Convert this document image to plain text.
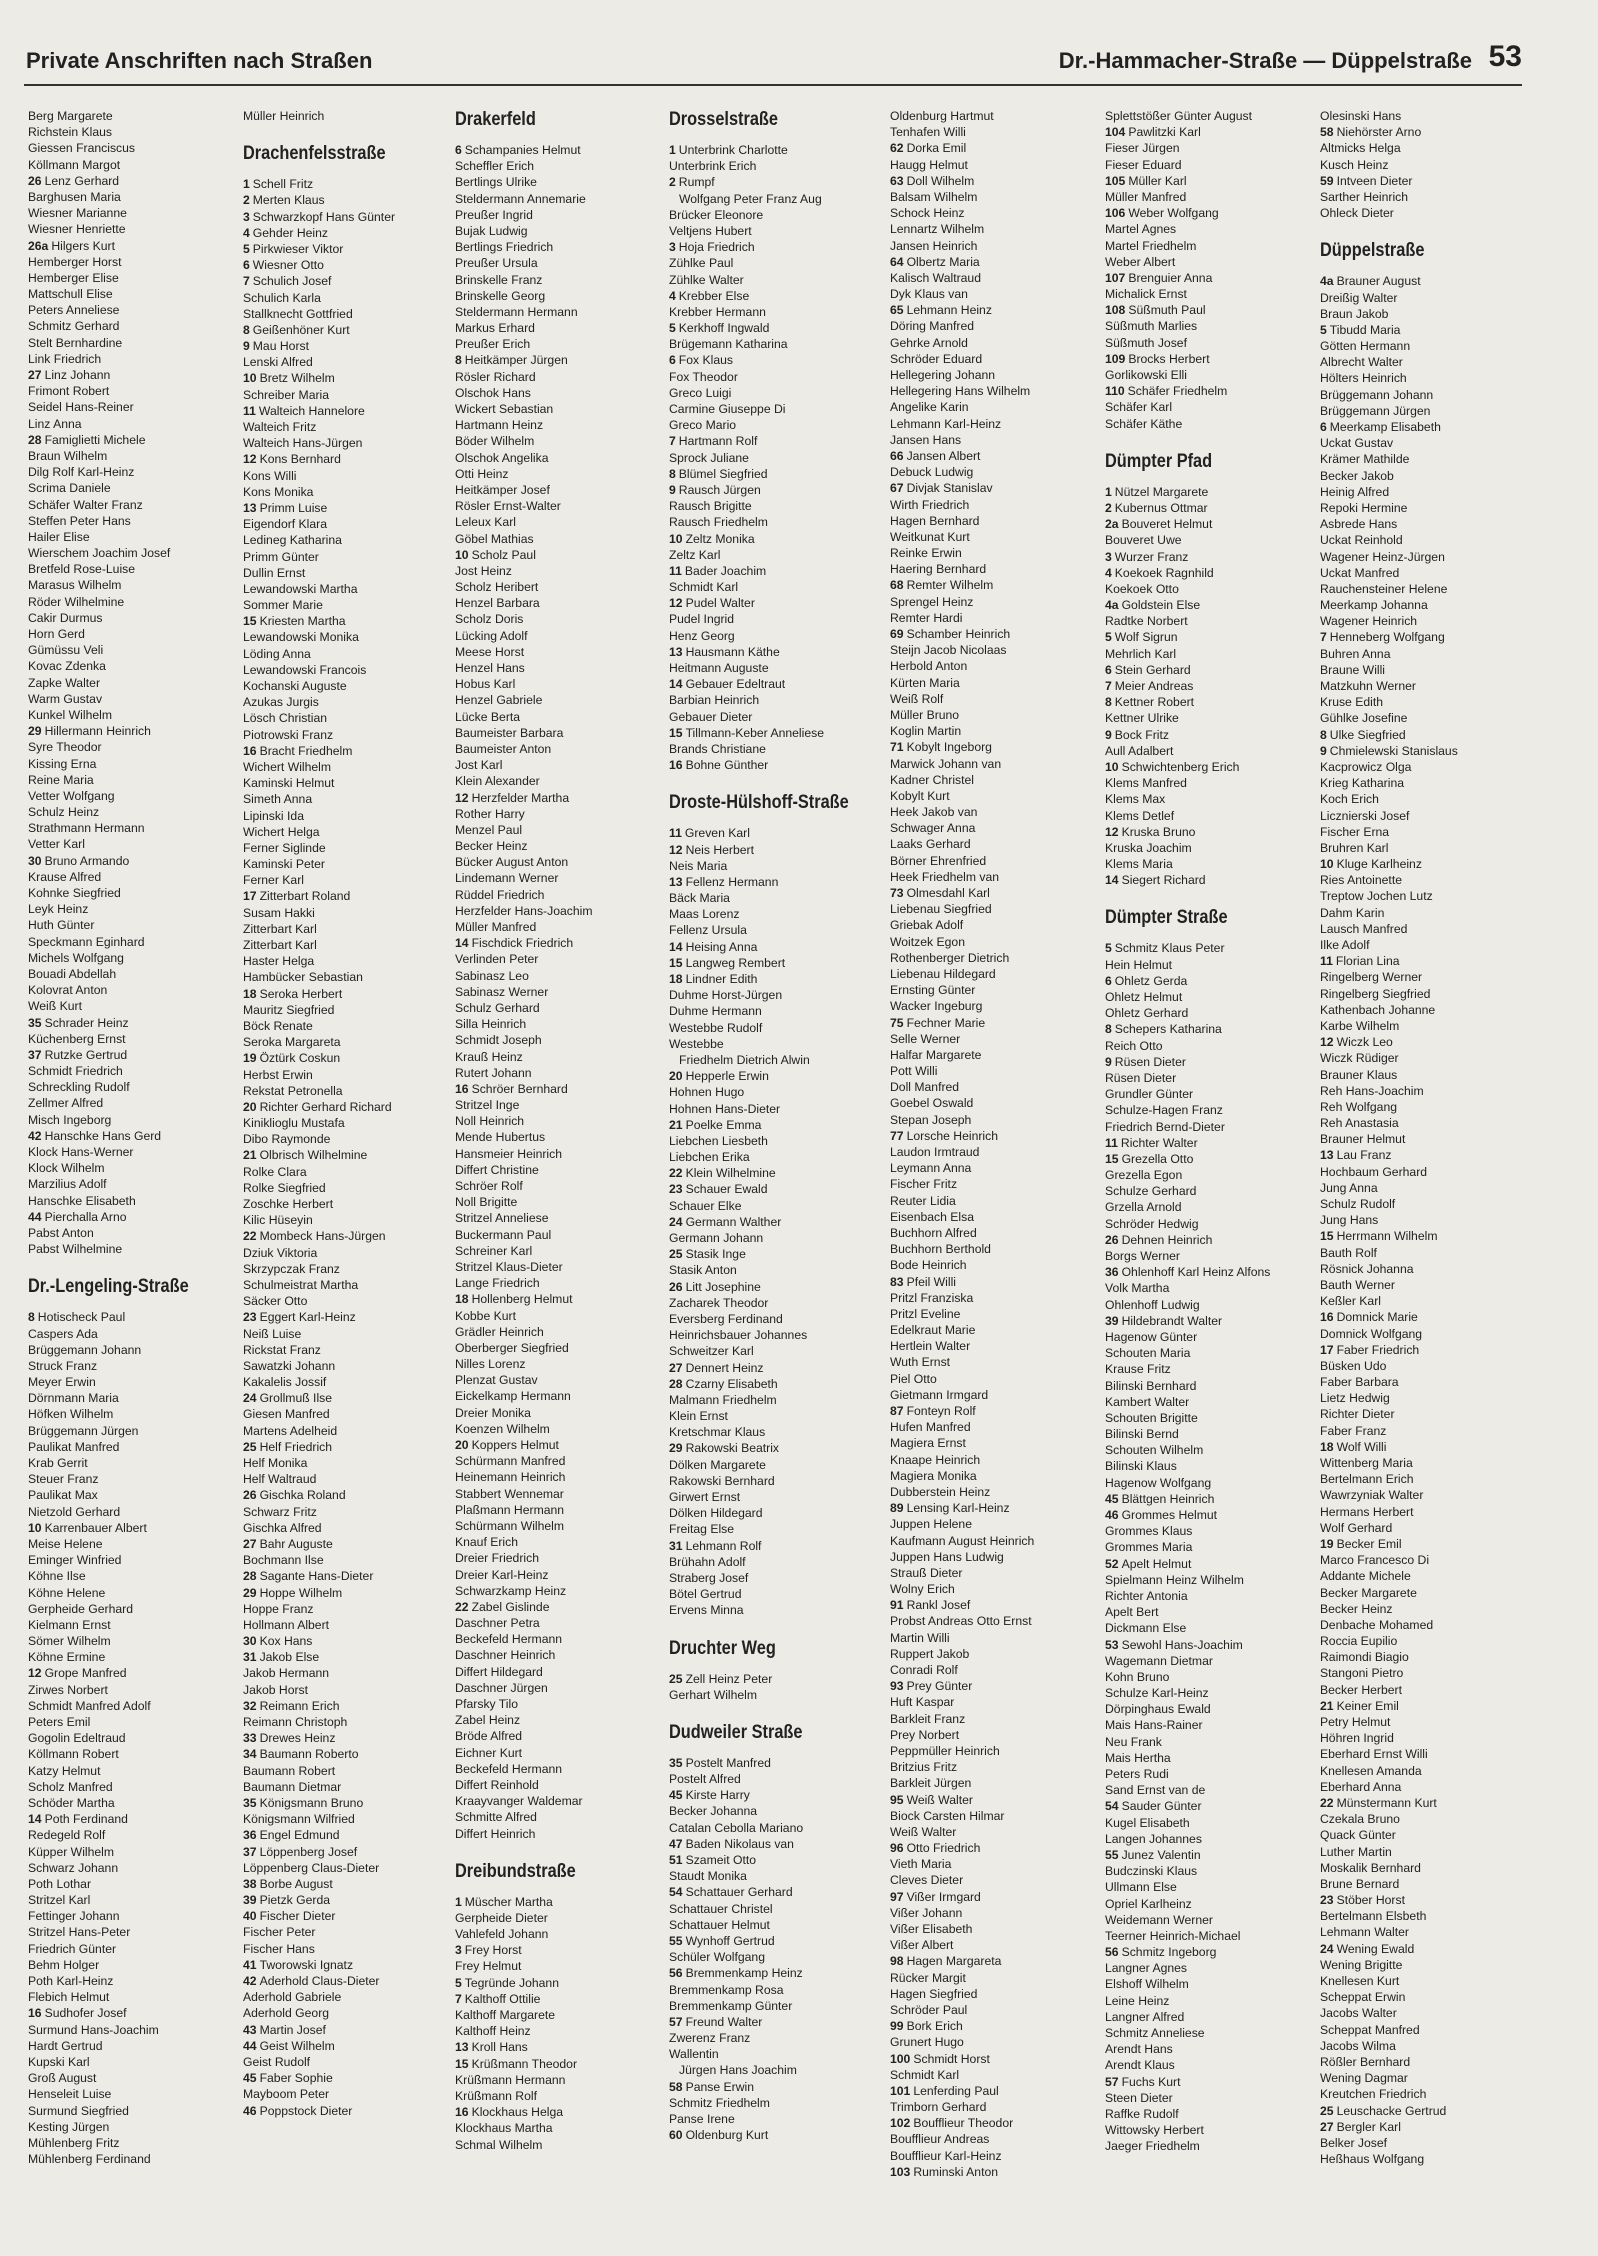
Private Anschriften nach Straßen	Dr.-Hammacher-Straße — Düppelstraße 53
Berg Margarete
Richstein Klaus
Giessen Franciscus
Köllmann Margot
26 Lenz Gerhard
Barghusen Maria
Wiesner Marianne
Wiesner Henriette
26a Hilgers Kurt
Hemberger Horst
Hemberger Elise
Mattschull Elise
Peters Anneliese
Schmitz Gerhard
Stelt Bernhardine
Link Friedrich
27 Linz Johann
Frimont Robert
Seidel Hans-Reiner
Linz Anna
28 Famiglietti Michele
Braun Wilhelm
Dilg Rolf Karl-Heinz
Scrima Daniele
Schäfer Walter Franz
Steffen Peter Hans
Hailer Elise
Wierschem Joachim Josef
Bretfeld Rose-Luise
Marasus Wilhelm
Röder Wilhelmine
Cakir Durmus
Horn Gerd
Gümüssu Veli
Kovac Zdenka
Zapke Walter
Warm Gustav
Kunkel Wilhelm
29 Hillermann Heinrich
Syre Theodor
Kissing Erna
Reine Maria
Vetter Wolfgang
Schulz Heinz
Strathmann Hermann
Vetter Karl
30 Bruno Armando
Krause Alfred
Kohnke Siegfried
Leyk Heinz
Huth Günter
Speckmann Eginhard
Michels Wolfgang
Bouadi Abdellah
Kolovrat Anton
Weiß Kurt
35 Schrader Heinz
Küchenberg Ernst
37 Rutzke Gertrud
Schmidt Friedrich
Schreckling Rudolf
Zellmer Alfred
Misch Ingeborg
42 Hanschke Hans Gerd
Klock Hans-Werner
Klock Wilhelm
Marzilius Adolf
Hanschke Elisabeth
44 Pierchalla Arno
Pabst Anton
Pabst Wilhelmine
Dr.-Lengeling-Straße
8 Hotischeck Paul
Caspers Ada
Brüggemann Johann
Struck Franz
Meyer Erwin
Dörnmann Maria
Höfken Wilhelm
Brüggemann Jürgen
Paulikat Manfred
Krab Gerrit
Steuer Franz
Paulikat Max
Nietzold Gerhard
10 Karrenbauer Albert
Meise Helene
Eminger Winfried
Köhne Ilse
Köhne Helene
Gerpheide Gerhard
Kielmann Ernst
Sömer Wilhelm
Köhne Ermine
12 Grope Manfred
Zirwes Norbert
Schmidt Manfred Adolf
Peters Emil
Gogolin Edeltraud
Köllmann Robert
Katzy Helmut
Scholz Manfred
Schöder Martha
14 Poth Ferdinand
Redegeld Rolf
Küpper Wilhelm
Schwarz Johann
Poth Lothar
Stritzel Karl
Fettinger Johann
Stritzel Hans-Peter
Friedrich Günter
Behm Holger
Poth Karl-Heinz
Flebich Helmut
16 Sudhofer Josef
Surmund Hans-Joachim
Hardt Gertrud
Kupski Karl
Groß August
Henseleit Luise
Surmund Siegfried
Kesting Jürgen
Mühlenberg Fritz
Mühlenberg Ferdinand
Müller Heinrich
Drachenfelsstraße
1 Schell Fritz
2 Merten Klaus
3 Schwarzkopf Hans Günter
4 Gehder Heinz
5 Pirkwieser Viktor
6 Wiesner Otto
7 Schulich Josef
Schulich Karla
Stallknecht Gottfried
8 Geißenhöner Kurt
9 Mau Horst
Lenski Alfred
10 Bretz Wilhelm
Schreiber Maria
11 Walteich Hannelore
Walteich Fritz
Walteich Hans-Jürgen
12 Kons Bernhard
Kons Willi
Kons Monika
13 Primm Luise
Eigendorf Klara
Ledineg Katharina
Primm Günter
Dullin Ernst
Lewandowski Martha
Sommer Marie
15 Kriesten Martha
Lewandowski Monika
Löding Anna
Lewandowski Francois
Kochanski Auguste
Azukas Jurgis
Lösch Christian
Piotrowski Franz
16 Bracht Friedhelm
Wichert Wilhelm
Kaminski Helmut
Simeth Anna
Lipinski Ida
Wichert Helga
Ferner Siglinde
Kaminski Peter
Ferner Karl
17 Zitterbart Roland
Susam Hakki
Zitterbart Karl
Zitterbart Karl
Haster Helga
Hambücker Sebastian
18 Seroka Herbert
Mauritz Siegfried
Böck Renate
Seroka Margareta
19 Öztürk Coskun
Herbst Erwin
Rekstat Petronella
20 Richter Gerhard Richard
Kiniklioglu Mustafa
Dibo Raymonde
21 Olbrisch Wilhelmine
Rolke Clara
Rolke Siegfried
Zoschke Herbert
Kilic Hüseyin
22 Mombeck Hans-Jürgen
Dziuk Viktoria
Skrzypczak Franz
Schulmeistrat Martha
Säcker Otto
23 Eggert Karl-Heinz
Neiß Luise
Rickstat Franz
Sawatzki Johann
Kakalelis Jossif
24 Grollmuß Ilse
Giesen Manfred
Martens Adelheid
25 Helf Friedrich
Helf Monika
Helf Waltraud
26 Gischka Roland
Schwarz Fritz
Gischka Alfred
27 Bahr Auguste
Bochmann Ilse
28 Sagante Hans-Dieter
29 Hoppe Wilhelm
Hoppe Franz
Hollmann Albert
30 Kox Hans
31 Jakob Else
Jakob Hermann
Jakob Horst
32 Reimann Erich
Reimann Christoph
33 Drewes Heinz
34 Baumann Roberto
Baumann Robert
Baumann Dietmar
35 Königsmann Bruno
Königsmann Wilfried
36 Engel Edmund
37 Löppenberg Josef
Löppenberg Claus-Dieter
38 Borbe August
39 Pietzk Gerda
40 Fischer Dieter
Fischer Peter
Fischer Hans
41 Tworowski Ignatz
42 Aderhold Claus-Dieter
Aderhold Gabriele
Aderhold Georg
43 Martin Josef
44 Geist Wilhelm
Geist Rudolf
45 Faber Sophie
Mayboom Peter
46 Poppstock Dieter
Drakerfeld
6 Schampanies Helmut
Scheffler Erich
Bertlings Ulrike
Steldermann Annemarie
Preußer Ingrid
Bujak Ludwig
Bertlings Friedrich
Preußer Ursula
Brinskelle Franz
Brinskelle Georg
Steldermann Hermann
Markus Erhard
Preußer Erich
8 Heitkämper Jürgen
Rösler Richard
Olschok Hans
Wickert Sebastian
Hartmann Heinz
Böder Wilhelm
Olschok Angelika
Otti Heinz
Heitkämper Josef
Rösler Ernst-Walter
Leleux Karl
Göbel Mathias
10 Scholz Paul
Jost Heinz
Scholz Heribert
Henzel Barbara
Scholz Doris
Lücking Adolf
Meese Horst
Henzel Hans
Hobus Karl
Henzel Gabriele
Lücke Berta
Baumeister Barbara
Baumeister Anton
Jost Karl
Klein Alexander
12 Herzfelder Martha
Rother Harry
Menzel Paul
Becker Heinz
Bücker August Anton
Lindemann Werner
Rüddel Friedrich
Herzfelder Hans-Joachim
Müller Manfred
14 Fischdick Friedrich
Verlinden Peter
Sabinasz Leo
Sabinasz Werner
Schulz Gerhard
Silla Heinrich
Schmidt Joseph
Krauß Heinz
Rutert Johann
16 Schröer Bernhard
Stritzel Inge
Noll Heinrich
Mende Hubertus
Hansmeier Heinrich
Differt Christine
Schröer Rolf
Noll Brigitte
Stritzel Anneliese
Buckermann Paul
Schreiner Karl
Stritzel Klaus-Dieter
Lange Friedrich
18 Hollenberg Helmut
Kobbe Kurt
Grädler Heinrich
Oberberger Siegfried
Nilles Lorenz
Plenzat Gustav
Eickelkamp Hermann
Dreier Monika
Koenzen Wilhelm
20 Koppers Helmut
Schürmann Manfred
Heinemann Heinrich
Stabbert Wennemar
Plaßmann Hermann
Schürmann Wilhelm
Knauf Erich
Dreier Friedrich
Dreier Karl-Heinz
Schwarzkamp Heinz
22 Zabel Gislinde
Daschner Petra
Beckefeld Hermann
Daschner Heinrich
Differt Hildegard
Daschner Jürgen
Pfarsky Tilo
Zabel Heinz
Bröde Alfred
Eichner Kurt
Beckefeld Hermann
Differt Reinhold
Kraayvanger Waldemar
Schmitte Alfred
Differt Heinrich
Dreibundstraße
1 Müscher Martha
Gerpheide Dieter
Vahlefeld Johann
3 Frey Horst
Frey Helmut
5 Tegründe Johann
7 Kalthoff Ottilie
Kalthoff Margarete
Kalthoff Heinz
13 Kroll Hans
15 Krüßmann Theodor
Krüßmann Hermann
Krüßmann Rolf
16 Klockhaus Helga
Klockhaus Martha
Schmal Wilhelm
Drosselstraße
1 Unterbrink Charlotte
Unterbrink Erich
2 Rumpf
Wolfgang Peter Franz Aug
Brücker Eleonore
Veltjens Hubert
3 Hoja Friedrich
Zühlke Paul
Zühlke Walter
4 Krebber Else
Krebber Hermann
5 Kerkhoff Ingwald
Brügemann Katharina
6 Fox Klaus
Fox Theodor
Greco Luigi
Carmine Giuseppe Di
Greco Mario
7 Hartmann Rolf
Sprock Juliane
8 Blümel Siegfried
9 Rausch Jürgen
Rausch Brigitte
Rausch Friedhelm
10 Zeltz Monika
Zeltz Karl
11 Bader Joachim
Schmidt Karl
12 Pudel Walter
Pudel Ingrid
Henz Georg
13 Hausmann Käthe
Heitmann Auguste
14 Gebauer Edeltraut
Barbian Heinrich
Gebauer Dieter
15 Tillmann-Keber Anneliese
Brands Christiane
16 Bohne Günther
Droste-Hülshoff-Straße
11 Greven Karl
12 Neis Herbert
Neis Maria
13 Fellenz Hermann
Bäck Maria
Maas Lorenz
Fellenz Ursula
14 Heising Anna
15 Langweg Rembert
18 Lindner Edith
Duhme Horst-Jürgen
Duhme Hermann
Westebbe Rudolf
Westebbe
Friedhelm Dietrich Alwin
20 Hepperle Erwin
Hohnen Hugo
Hohnen Hans-Dieter
21 Poelke Emma
Liebchen Liesbeth
Liebchen Erika
22 Klein Wilhelmine
23 Schauer Ewald
Schauer Elke
24 Germann Walther
Germann Johann
25 Stasik Inge
Stasik Anton
26 Litt Josephine
Zacharek Theodor
Eversberg Ferdinand
Heinrichsbauer Johannes
Schweitzer Karl
27 Dennert Heinz
28 Czarny Elisabeth
Malmann Friedhelm
Klein Ernst
Kretschmar Klaus
29 Rakowski Beatrix
Dölken Margarete
Rakowski Bernhard
Girwert Ernst
Dölken Hildegard
Freitag Else
31 Lehmann Rolf
Brühahn Adolf
Straberg Josef
Bötel Gertrud
Ervens Minna
Druchter Weg
25 Zell Heinz Peter
Gerhart Wilhelm
Dudweiler Straße
35 Postelt Manfred
Postelt Alfred
45 Kirste Harry
Becker Johanna
Catalan Cebolla Mariano
47 Baden Nikolaus van
51 Szameit Otto
Staudt Monika
54 Schattauer Gerhard
Schattauer Christel
Schattauer Helmut
55 Wynhoff Gertrud
Schüler Wolfgang
56 Bremmenkamp Heinz
Bremmenkamp Rosa
Bremmenkamp Günter
57 Freund Walter
Zwerenz Franz
Wallentin
Jürgen Hans Joachim
58 Panse Erwin
Schmitz Friedhelm
Panse Irene
60 Oldenburg Kurt
Oldenburg Hartmut
Tenhafen Willi
62 Dorka Emil
Haugg Helmut
63 Doll Wilhelm
Balsam Wilhelm
Schock Heinz
Lennartz Wilhelm
Jansen Heinrich
64 Olbertz Maria
Kalisch Waltraud
Dyk Klaus van
65 Lehmann Heinz
Döring Manfred
Gehrke Arnold
Schröder Eduard
Hellegering Johann
Hellegering Hans Wilhelm
Angelike Karin
Lehmann Karl-Heinz
Jansen Hans
66 Jansen Albert
Debuck Ludwig
67 Divjak Stanislav
Wirth Friedrich
Hagen Bernhard
Weitkunat Kurt
Reinke Erwin
Haering Bernhard
68 Remter Wilhelm
Sprengel Heinz
Remter Hardi
69 Schamber Heinrich
Steijn Jacob Nicolaas
Herbold Anton
Kürten Maria
Weiß Rolf
Müller Bruno
Koglin Martin
71 Kobylt Ingeborg
Marwick Johann van
Kadner Christel
Kobylt Kurt
Heek Jakob van
Schwager Anna
Laaks Gerhard
Börner Ehrenfried
Heek Friedhelm van
73 Olmesdahl Karl
Liebenau Siegfried
Griebak Adolf
Woitzek Egon
Rothenberger Dietrich
Liebenau Hildegard
Ernsting Günter
Wacker Ingeburg
75 Fechner Marie
Selle Werner
Halfar Margarete
Pott Willi
Doll Manfred
Goebel Oswald
Stepan Joseph
77 Lorsche Heinrich
Laudon Irmtraud
Leymann Anna
Fischer Fritz
Reuter Lidia
Eisenbach Elsa
Buchhorn Alfred
Buchhorn Berthold
Bode Heinrich
83 Pfeil Willi
Pritzl Franziska
Pritzl Eveline
Edelkraut Marie
Hertlein Walter
Wuth Ernst
Piel Otto
Gietmann Irmgard
87 Fonteyn Rolf
Hufen Manfred
Magiera Ernst
Knaape Heinrich
Magiera Monika
Dubberstein Heinz
89 Lensing Karl-Heinz
Juppen Helene
Kaufmann August Heinrich
Juppen Hans Ludwig
Strauß Dieter
Wolny Erich
91 Rankl Josef
Probst Andreas Otto Ernst
Martin Willi
Ruppert Jakob
Conradi Rolf
93 Prey Günter
Huft Kaspar
Barkleit Franz
Prey Norbert
Peppmüller Heinrich
Britzius Fritz
Barkleit Jürgen
95 Weiß Walter
Biock Carsten Hilmar
Weiß Walter
96 Otto Friedrich
Vieth Maria
Cleves Dieter
97 Vißer Irmgard
Vißer Johann
Vißer Elisabeth
Vißer Albert
98 Hagen Margareta
Rücker Margit
Hagen Siegfried
Schröder Paul
99 Bork Erich
Grunert Hugo
100 Schmidt Horst
Schmidt Karl
101 Lenferding Paul
Trimborn Gerhard
102 Boufflieur Theodor
Boufflieur Andreas
Boufflieur Karl-Heinz
103 Ruminski Anton
Splettstößer Günter August
104 Pawlitzki Karl
Fieser Jürgen
Fieser Eduard
105 Müller Karl
Müller Manfred
106 Weber Wolfgang
Martel Agnes
Martel Friedhelm
Weber Albert
107 Brenguier Anna
Michalick Ernst
108 Süßmuth Paul
Süßmuth Marlies
Süßmuth Josef
109 Brocks Herbert
Gorlikowski Elli
110 Schäfer Friedhelm
Schäfer Karl
Schäfer Käthe
Dümpter Pfad
1 Nützel Margarete
2 Kubernus Ottmar
2a Bouveret Helmut
Bouveret Uwe
3 Wurzer Franz
4 Koekoek Ragnhild
Koekoek Otto
4a Goldstein Else
Radtke Norbert
5 Wolf Sigrun
Mehrlich Karl
6 Stein Gerhard
7 Meier Andreas
8 Kettner Robert
Kettner Ulrike
9 Bock Fritz
Aull Adalbert
10 Schwichtenberg Erich
Klems Manfred
Klems Max
Klems Detlef
12 Kruska Bruno
Kruska Joachim
Klems Maria
14 Siegert Richard
Dümpter Straße
5 Schmitz Klaus Peter
Hein Helmut
6 Ohletz Gerda
Ohletz Helmut
Ohletz Gerhard
8 Schepers Katharina
Reich Otto
9 Rüsen Dieter
Rüsen Dieter
Grundler Günter
Schulze-Hagen Franz
Friedrich Bernd-Dieter
11 Richter Walter
15 Grezella Otto
Grezella Egon
Schulze Gerhard
Grzella Arnold
Schröder Hedwig
26 Dehnen Heinrich
Borgs Werner
36 Ohlenhoff Karl Heinz Alfons
Volk Martha
Ohlenhoff Ludwig
39 Hildebrandt Walter
Hagenow Günter
Schouten Maria
Krause Fritz
Bilinski Bernhard
Kambert Walter
Schouten Brigitte
Bilinski Bernd
Schouten Wilhelm
Bilinski Klaus
Hagenow Wolfgang
45 Blättgen Heinrich
46 Grommes Helmut
Grommes Klaus
Grommes Maria
52 Apelt Helmut
Spielmann Heinz Wilhelm
Richter Antonia
Apelt Bert
Dickmann Else
53 Sewohl Hans-Joachim
Wagemann Dietmar
Kohn Bruno
Schulze Karl-Heinz
Dörpinghaus Ewald
Mais Hans-Rainer
Neu Frank
Mais Hertha
Peters Rudi
Sand Ernst van de
54 Sauder Günter
Kugel Elisabeth
Langen Johannes
55 Junez Valentin
Budczinski Klaus
Ullmann Else
Opriel Karlheinz
Weidemann Werner
Teerner Heinrich-Michael
56 Schmitz Ingeborg
Langner Agnes
Elshoff Wilhelm
Leine Heinz
Langner Alfred
Schmitz Anneliese
Arendt Hans
Arendt Klaus
57 Fuchs Kurt
Steen Dieter
Raffke Rudolf
Wittowsky Herbert
Jaeger Friedhelm
Olesinski Hans
58 Niehörster Arno
Altmicks Helga
Kusch Heinz
59 Intveen Dieter
Sarther Heinrich
Ohleck Dieter
Düppelstraße
4a Brauner August
Dreißig Walter
Braun Jakob
5 Tibudd Maria
Götten Hermann
Albrecht Walter
Hölters Heinrich
Brüggemann Johann
Brüggemann Jürgen
6 Meerkamp Elisabeth
Uckat Gustav
Krämer Mathilde
Becker Jakob
Heinig Alfred
Repoki Hermine
Asbrede Hans
Uckat Reinhold
Wagener Heinz-Jürgen
Uckat Manfred
Rauchensteiner Helene
Meerkamp Johanna
Wagener Heinrich
7 Henneberg Wolfgang
Buhren Anna
Braune Willi
Matzkuhn Werner
Kruse Edith
Gühlke Josefine
8 Ulke Siegfried
9 Chmielewski Stanislaus
Kacprowicz Olga
Krieg Katharina
Koch Erich
Licznierski Josef
Fischer Erna
Bruhren Karl
10 Kluge Karlheinz
Ries Antoinette
Treptow Jochen Lutz
Dahm Karin
Lausch Manfred
Ilke Adolf
11 Florian Lina
Ringelberg Werner
Ringelberg Siegfried
Kathenbach Johanne
Karbe Wilhelm
12 Wiczk Leo
Wiczk Rüdiger
Brauner Klaus
Reh Hans-Joachim
Reh Wolfgang
Reh Anastasia
Brauner Helmut
13 Lau Franz
Hochbaum Gerhard
Jung Anna
Schulz Rudolf
Jung Hans
15 Herrmann Wilhelm
Bauth Rolf
Rösnick Johanna
Bauth Werner
Keßler Karl
16 Domnick Marie
Domnick Wolfgang
17 Faber Friedrich
Büsken Udo
Faber Barbara
Lietz Hedwig
Richter Dieter
Faber Franz
18 Wolf Willi
Wittenberg Maria
Bertelmann Erich
Wawrzyniak Walter
Hermans Herbert
Wolf Gerhard
19 Becker Emil
Marco Francesco Di
Addante Michele
Becker Margarete
Becker Heinz
Denbache Mohamed
Roccia Eupilio
Raimondi Biagio
Stangoni Pietro
Becker Herbert
21 Keiner Emil
Petry Helmut
Höhren Ingrid
Eberhard Ernst Willi
Knellesen Amanda
Eberhard Anna
22 Münstermann Kurt
Czekala Bruno
Quack Günter
Luther Martin
Moskalik Bernhard
Brune Bernard
23 Stöber Horst
Bertelmann Elsbeth
Lehmann Walter
24 Wening Ewald
Wening Brigitte
Knellesen Kurt
Scheppat Erwin
Jacobs Walter
Scheppat Manfred
Jacobs Wilma
Rößler Bernhard
Wening Dagmar
Kreutchen Friedrich
25 Leuschacke Gertrud
27 Bergler Karl
Belker Josef
Heßhaus Wolfgang
